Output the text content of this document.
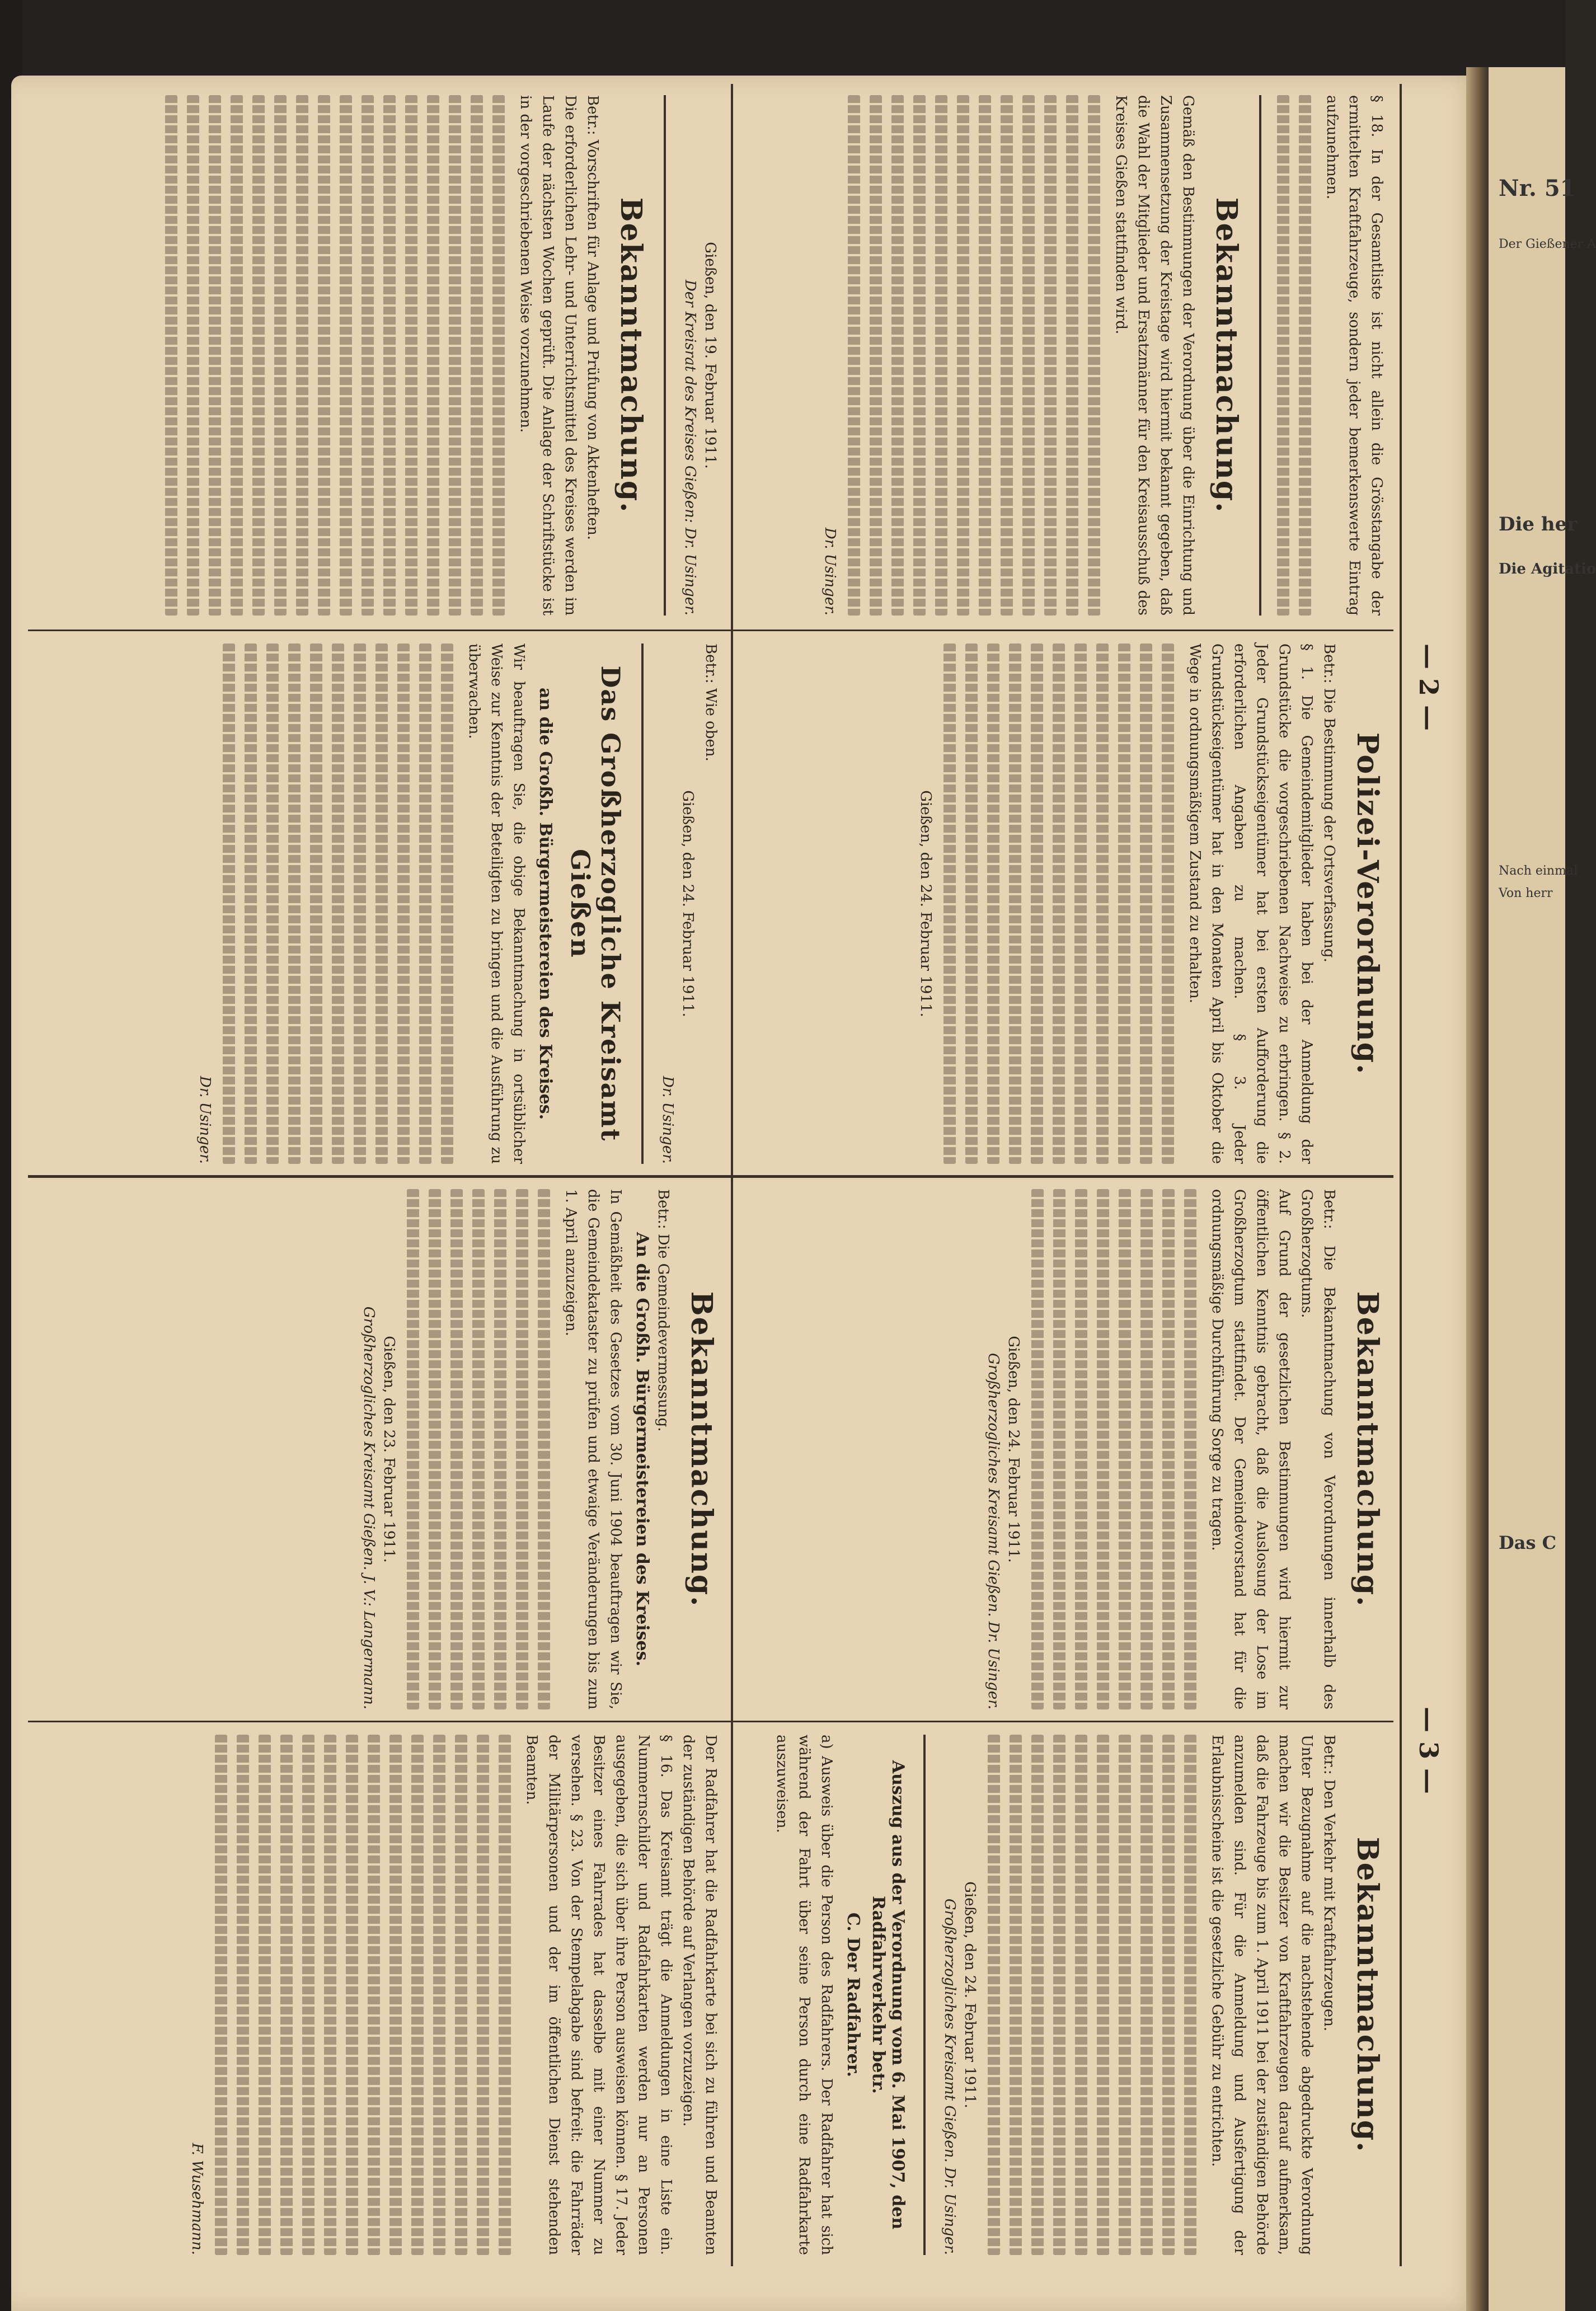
Nr. 51
Der Gießener A
Die her
Die Agitatio
Nach einmal
Von herr
Das C
— 2 —
— 3 —
§ 18. In der Gesamtliste ist nicht allein die Grösstangabe der ermittelten Kraftfahrzeuge, sondern jeder bemerkenswerte Eintrag aufzunehmen.
Bekanntmachung.
Gemäß den Bestimmungen der Verordnung über die Einrichtung und Zusammensetzung der Kreistage wird hiermit bekannt gegeben, daß die Wahl der Mitglieder und Ersatzmänner für den Kreisausschuß des Kreises Gießen stattfinden wird.
Dr. Usinger.
Gießen, den 19. Februar 1911.
Der Kreisrat des Kreises Gießen: Dr. Usinger.
Bekanntmachung.
Betr.: Vorschriften für Anlage und Prüfung von Aktenheften.
Die erforderlichen Lehr- und Unterrichtsmittel des Kreises werden im Laufe der nächsten Wochen geprüft. Die Anlage der Schriftstücke ist in der vorgeschriebenen Weise vorzunehmen.
Polizei-Verordnung.
Betr.: Die Bestimmung der Ortsverfassung.
§ 1. Die Gemeindemitglieder haben bei der Anmeldung der Grundstücke die vorgeschriebenen Nachweise zu erbringen. § 2. Jeder Grundstückseigentümer hat bei ersten Aufforderung die erforderlichen Angaben zu machen. § 3. Jeder Grundstückseigentümer hat in den Monaten April bis Oktober die Wege in ordnungsmäßigem Zustand zu erhalten.
Gießen, den 24. Februar 1911.
Betr.: Wie oben.
Gießen, den 24. Februar 1911.
Dr. Usinger.
Das Großherzogliche Kreisamt Gießen
an die Großh. Bürgermeistereien des Kreises.
Wir beauftragen Sie, die obige Bekanntmachung in ortsüblicher Weise zur Kenntnis der Beteiligten zu bringen und die Ausführung zu überwachen.
Dr. Usinger.
Bekanntmachung.
Betr.: Die Bekanntmachung von Verordnungen innerhalb des Großherzogtums.
Auf Grund der gesetzlichen Bestimmungen wird hiermit zur öffentlichen Kenntnis gebracht, daß die Auslosung der Lose im Großherzogtum stattfindet. Der Gemeindevorstand hat für die ordnungsmäßige Durchführung Sorge zu tragen.
Gießen, den 24. Februar 1911.
Großherzogliches Kreisamt Gießen. Dr. Usinger.
Bekanntmachung.
Betr.: Die Gemeindevermessung.
An die Großh. Bürgermeistereien des Kreises.
In Gemäßheit des Gesetzes vom 30. Juni 1904 beauftragen wir Sie, die Gemeindekataster zu prüfen und etwaige Veränderungen bis zum 1. April anzuzeigen.
Gießen, den 23. Februar 1911.
Großherzogliches Kreisamt Gießen. J. V.: Langermann.
Bekanntmachung.
Betr.: Den Verkehr mit Kraftfahrzeugen.
Unter Bezugnahme auf die nachstehende abgedruckte Verordnung machen wir die Besitzer von Kraftfahrzeugen darauf aufmerksam, daß die Fahrzeuge bis zum 1. April 1911 bei der zuständigen Behörde anzumelden sind. Für die Anmeldung und Ausfertigung der Erlaubnisscheine ist die gesetzliche Gebühr zu entrichten.
Gießen, den 24. Februar 1911.
Großherzogliches Kreisamt Gießen. Dr. Usinger.
Auszug aus der Verordnung vom 6. Mai 1907, den Radfahrverkehr betr.
C. Der Radfahrer.
a) Ausweis über die Person des Radfahrers. Der Radfahrer hat sich während der Fahrt über seine Person durch eine Radfahrkarte auszuweisen.
Der Radfahrer hat die Radfahrkarte bei sich zu führen und Beamten der zuständigen Behörde auf Verlangen vorzuzeigen.
§ 16. Das Kreisamt trägt die Anmeldungen in eine Liste ein. Nummernschilder und Radfahrkarten werden nur an Personen ausgegeben, die sich über ihre Person ausweisen können. § 17. Jeder Besitzer eines Fahrrades hat dasselbe mit einer Nummer zu versehen. § 23. Von der Stempelabgabe sind befreit: die Fahrräder der Militärpersonen und der im öffentlichen Dienst stehenden Beamten.
F. Wusehmann.
